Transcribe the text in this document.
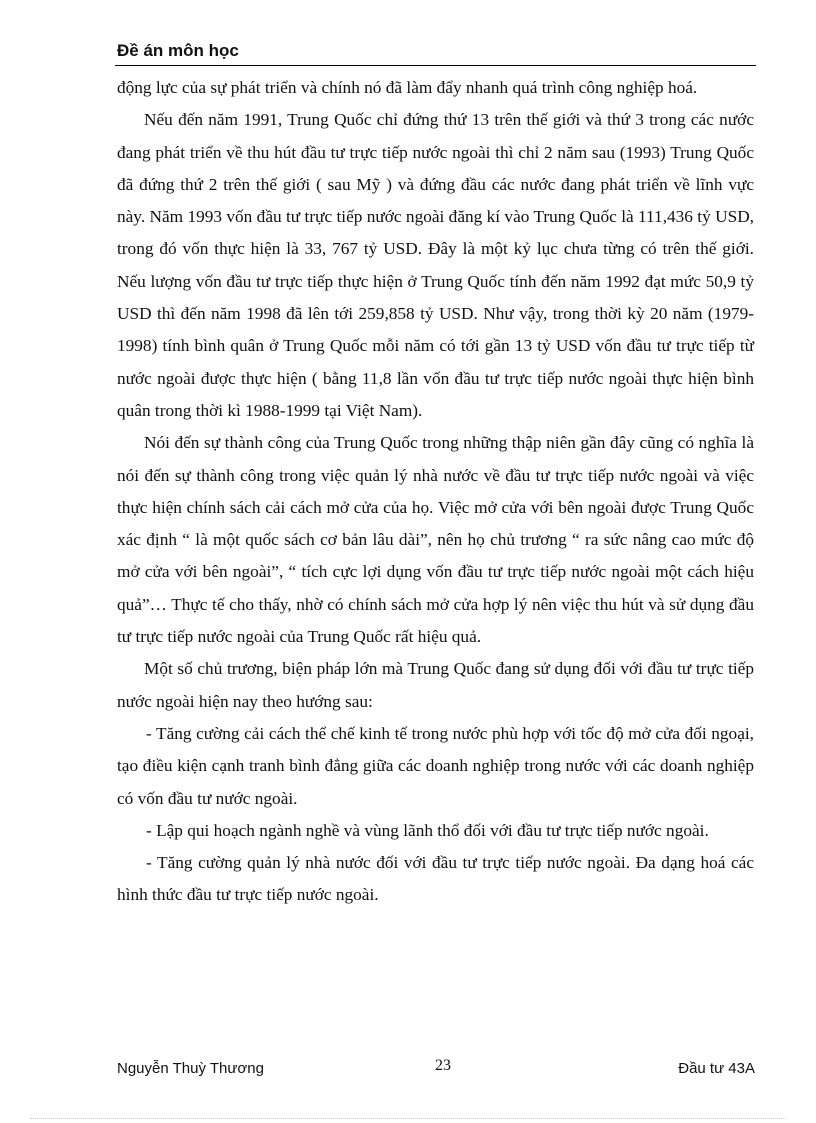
Đề án môn học

động lực của sự phát triển và chính nó đã làm đẩy nhanh quá trình công nghiệp hoá.

Nếu đến năm 1991, Trung Quốc chỉ đứng thứ 13 trên thế giới và thứ 3 trong các nước đang phát triển về thu hút đầu tư trực tiếp nước ngoài thì chỉ 2 năm sau (1993) Trung Quốc đã đứng thứ 2 trên thế giới ( sau Mỹ ) và đứng đầu các nước đang phát triển về lĩnh vực này. Năm 1993 vốn đầu tư trực tiếp nước ngoài đăng kí vào Trung Quốc là 111,436 tỷ USD, trong đó vốn thực hiện là 33, 767 tỷ USD. Đây là một kỷ lục chưa từng có trên thế giới. Nếu lượng vốn đầu tư trực tiếp thực hiện ở Trung Quốc tính đến năm 1992 đạt mức 50,9 tỷ USD thì đến năm 1998 đã lên tới 259,858 tỷ USD. Như vậy, trong thời kỳ 20 năm (1979-1998) tính bình quân ở Trung Quốc mỗi năm có tới gần 13 tỷ USD vốn đầu tư trực tiếp từ nước ngoài được thực hiện ( bằng 11,8 lần vốn đầu tư trực tiếp nước ngoài thực hiện bình quân trong thời kì 1988-1999 tại Việt Nam).

Nói đến sự thành công của Trung Quốc trong những thập niên gần đây cũng có nghĩa là nói đến sự thành công trong việc quản lý nhà nước về đầu tư trực tiếp nước ngoài và việc thực hiện chính sách cải cách mở cửa của họ. Việc mở cửa với bên ngoài được Trung Quốc xác định “ là một quốc sách cơ bản lâu dài”, nên họ chủ trương “ ra sức nâng cao mức độ mở cửa với bên ngoài”, “ tích cực lợi dụng vốn đầu tư trực tiếp nước ngoài một cách hiệu quả”… Thực tế cho thấy, nhờ có chính sách mở cửa hợp lý nên việc thu hút và sử dụng đầu tư trực tiếp nước ngoài của Trung Quốc rất hiệu quả.

Một số chủ trương, biện pháp lớn mà Trung Quốc đang sử dụng đối với đầu tư trực tiếp nước ngoài hiện nay theo hướng sau:

- Tăng cường cải cách thể chế kinh tế trong nước phù hợp với tốc độ mở cửa đối ngoại, tạo điều kiện cạnh tranh bình đẳng giữa các doanh nghiệp trong nước với các doanh nghiệp có vốn đầu tư nước ngoài.

- Lập qui hoạch ngành nghề và vùng lãnh thổ đối với đầu tư trực tiếp nước ngoài.

- Tăng cường quản lý nhà nước đối với đầu tư trực tiếp nước ngoài. Đa dạng hoá các hình thức đầu tư trực tiếp nước ngoài.

Nguyễn Thuỳ Thương	23	Đầu tư 43A
